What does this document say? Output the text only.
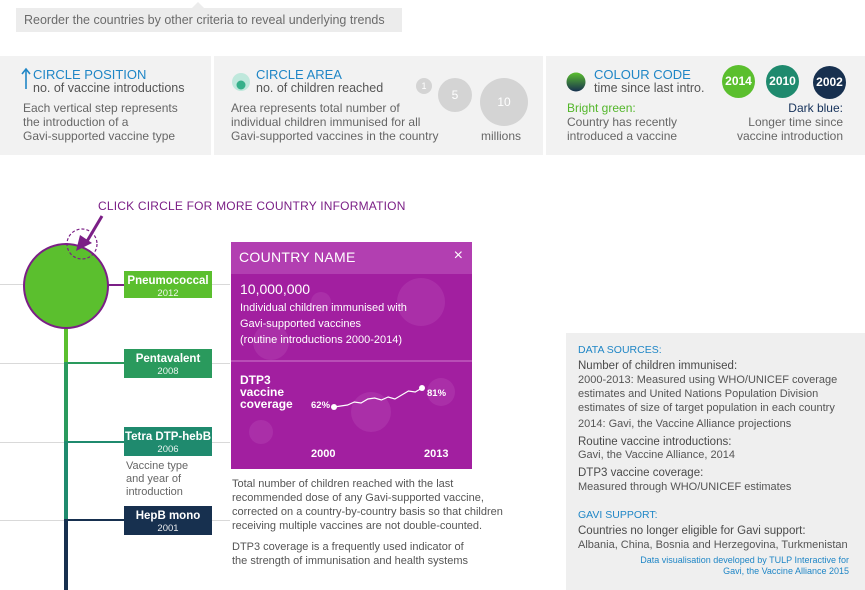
Reorder the countries by other criteria to reveal underlying trends
CIRCLE POSITION
no. of vaccine introductions
Each vertical step represents
the introduction of a
Gavi-supported vaccine type
CIRCLE AREA
no. of children reached
Area represents total number of
individual children immunised for all
Gavi-supported vaccines in the country
1
5	10
millions
COLOUR CODE
time since last intro.
Bright green:
Country has recently
introduced a vaccine
Dark blue:
Longer time since
vaccine introduction
2014 2010 2002
CLICK CIRCLE FOR MORE COUNTRY INFORMATION
Pneumococcal
2012
Pentavalent
2008
Tetra DTP-hebB
2006
HepB mono
2001
Vaccine type
and year of
introduction
COUNTRY NAME	×
10,000,000
Individual children immunised with
Gavi-supported vaccines
(routine introductions 2000-2014)
DTP3
vaccine
coverage	62%
81%
2000	2013
Total number of children reached with the last
recommended dose of any Gavi-supported vaccine,
corrected on a country-by-country basis so that children
receiving multiple vaccines are not double-counted.
DTP3 coverage is a frequently used indicator of
the strength of immunisation and health systems
DATA SOURCES:
Number of children immunised:
2000-2013: Measured using WHO/UNICEF coverage
estimates and United Nations Population Division
estimates of size of target population in each country
2014: Gavi, the Vaccine Alliance projections
Routine vaccine introductions:
Gavi, the Vaccine Alliance, 2014
DTP3 vaccine coverage:
Measured through WHO/UNICEF estimates
GAVI SUPPORT:
Countries no longer eligible for Gavi support:
Albania, China, Bosnia and Herzegovina, Turkmenistan
Data visualisation developed by TULP Interactive for
Gavi, the Vaccine Alliance 2015
